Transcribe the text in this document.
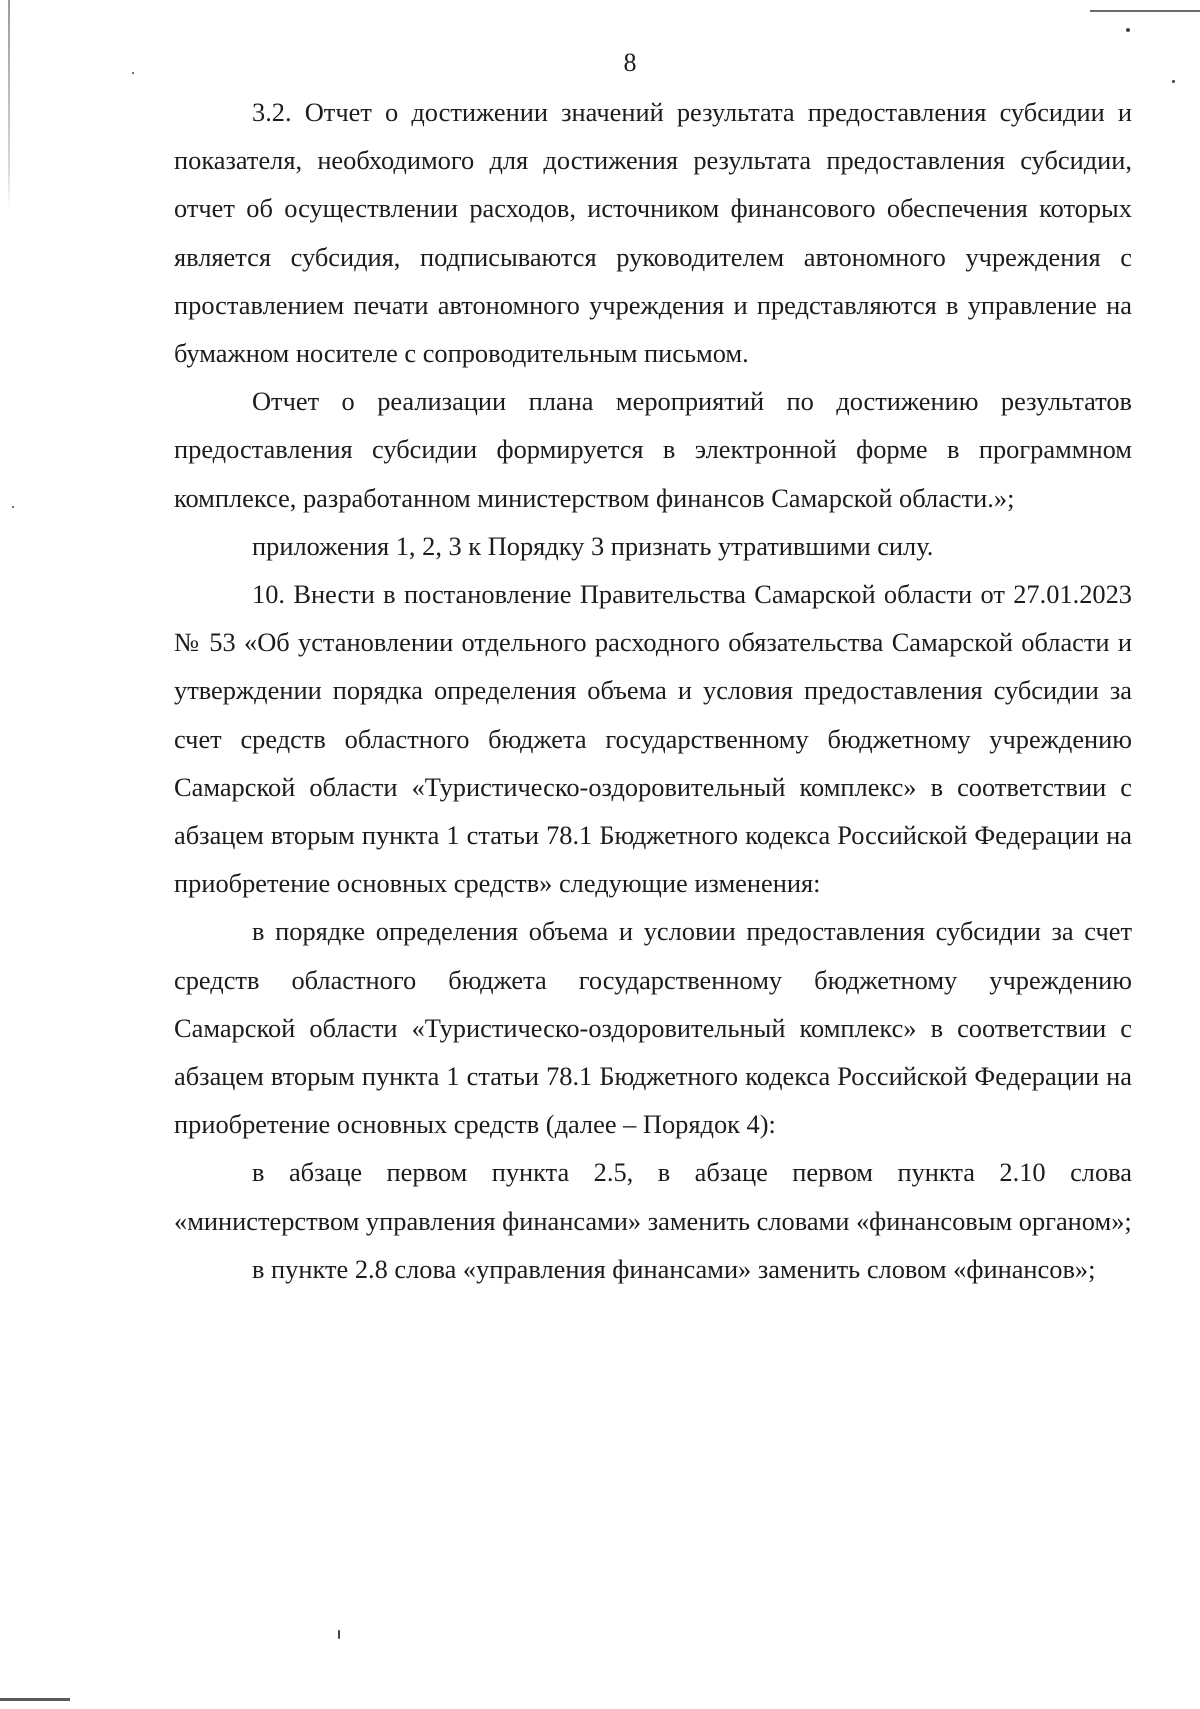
8

3.2. Отчет о достижении значений результата предоставления субсидии и показателя, необходимого для достижения результата предоставления субсидии, отчет об осуществлении расходов, источником финансового обеспечения которых является субсидия, подписываются руководителем автономного учреждения с проставлением печати автономного учреждения и представляются в управление на бумажном носителе с сопроводительным письмом.

Отчет о реализации плана мероприятий по достижению результатов предоставления субсидии формируется в электронной форме в программном комплексе, разработанном министерством финансов Самарской области.»;

приложения 1, 2, 3 к Порядку 3 признать утратившими силу.

10. Внести в постановление Правительства Самарской области от 27.01.2023 № 53 «Об установлении отдельного расходного обязательства Самарской области и утверждении порядка определения объема и условия предоставления субсидии за счет средств областного бюджета государственному бюджетному учреждению Самарской области «Туристическо-оздоровительный комплекс» в соответствии с абзацем вторым пункта 1 статьи 78.1 Бюджетного кодекса Российской Федерации на приобретение основных средств» следующие изменения:

в порядке определения объема и условии предоставления субсидии за счет средств областного бюджета государственному бюджетному учреждению Самарской области «Туристическо-оздоровительный комплекс» в соответствии с абзацем вторым пункта 1 статьи 78.1 Бюджетного кодекса Российской Федерации на приобретение основных средств (далее – Порядок 4):

в абзаце первом пункта 2.5, в абзаце первом пункта 2.10 слова «министерством управления финансами» заменить словами «финансовым органом»;

в пункте 2.8 слова «управления финансами» заменить словом «финансов»;
